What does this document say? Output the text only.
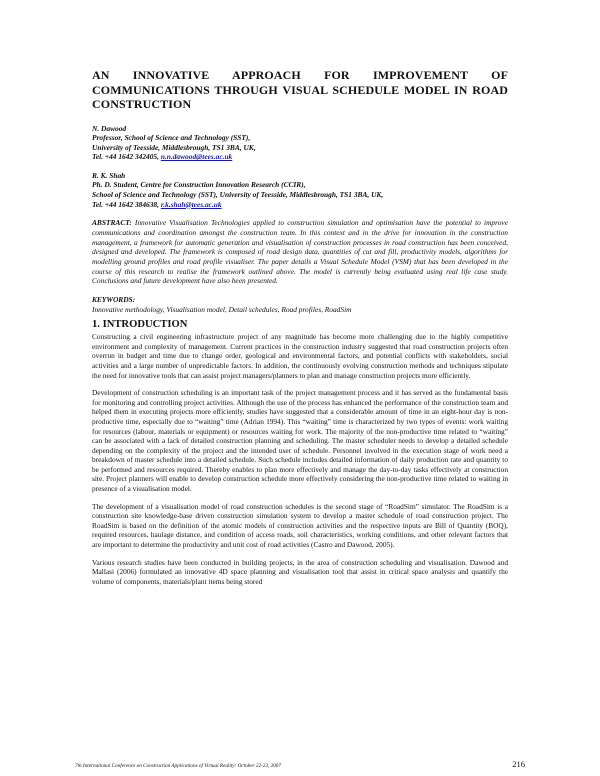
AN INNOVATIVE APPROACH FOR IMPROVEMENT OF COMMUNICATIONS THROUGH VISUAL SCHEDULE MODEL IN ROAD CONSTRUCTION
N. Dawood
Professor, School of Science and Technology (SST),
University of Teesside, Middlesbrough, TS1 3BA, UK,
Tel. +44 1642 342405, n.n.dawood@tees.ac.uk
R. K. Shah
Ph. D. Student, Centre for Construction Innovation Research (CCIR),
School of Science and Technology (SST), University of Teesside, Middlesbrough, TS1 3BA, UK,
Tel. +44 1642 384638, r.k.shah@tees.ac.uk
ABSTRACT: Innovative Visualisation Technologies applied to construction simulation and optimisation have the potential to improve communications and coordination amongst the construction team. In this context and in the drive for innovation in the construction management, a framework for automatic generation and visualisation of construction processes in road construction has been conceived, designed and developed. The framework is composed of road design data, quantities of cut and fill, productivity models, algorithms for modelling ground profiles and road profile visualiser. The paper details a Visual Schedule Model (VSM) that has been developed in the course of this research to realise the framework outlined above. The model is currently being evaluated using real life case study. Conclusions and future development have also been presented.
KEYWORDS:
Innovative methodology, Visualisation model, Detail schedules, Road profiles, RoadSim
1. INTRODUCTION

Constructing a civil engineering infrastructure project of any magnitude has become more challenging due to the highly competitive environment and complexity of management. Current practices in the construction industry suggested that road construction projects often overrun in budget and time due to change order, geological and environmental factors, and potential conflicts with stakeholders, social activities and a large number of unpredictable factors. In addition, the continuously evolving construction methods and techniques stipulate the need for innovative tools that can assist project managers/planners to plan and manage construction projects more efficiently.

Development of construction scheduling is an important task of the project management process and it has served as the fundamental basis for monitoring and controlling project activities. Although the use of the process has enhanced the performance of the construction team and helped them in executing projects more efficiently, studies have suggested that a considerable amount of time in an eight-hour day is non-productive time, especially due to “waiting” time (Adrian 1994). This “waiting” time is characterized by two types of events: work waiting for resources (labour, materials or equipment) or resources waiting for work. The majority of the non-productive time related to “waiting” can be associated with a lack of detailed construction planning and scheduling. The master scheduler needs to develop a detailed schedule depending on the complexity of the project and the intended user of schedule. Personnel involved in the execution stage of work need a breakdown of master schedule into a detailed schedule. Such schedule includes detailed information of daily production rate and quantity to be performed and resources required. Thereby enables to plan more effectively and manage the day-to-day tasks effectively at construction site. Project planners will enable to develop construction schedule more effectively considering the non-productive time related to waiting in presence of a visualisation model.

The development of a visualisation model of road construction schedules is the second stage of “RoadSim” simulator. The RoadSim is a construction site knowledge-base driven construction simulation system to develop a master schedule of road construction project. The RoadSim is based on the definition of the atomic models of construction activities and the respective inputs are Bill of Quantity (BOQ), required resources, haulage distance, and condition of access roads, soil characteristics, working conditions, and other relevant factors that are important to determine the productivity and unit cost of road activities (Castro and Dawood, 2005).

Various research studies have been conducted in building projects, in the area of construction scheduling and visualisation. Dawood and Mallasi (2006) formulated an innovative 4D space planning and visualisation tool that assist in critical space analysis and quantify the volume of components, materials/plant items being stored

7th International Conference on Construction Applications of Virtual Reality: October 22-23, 2007	216
